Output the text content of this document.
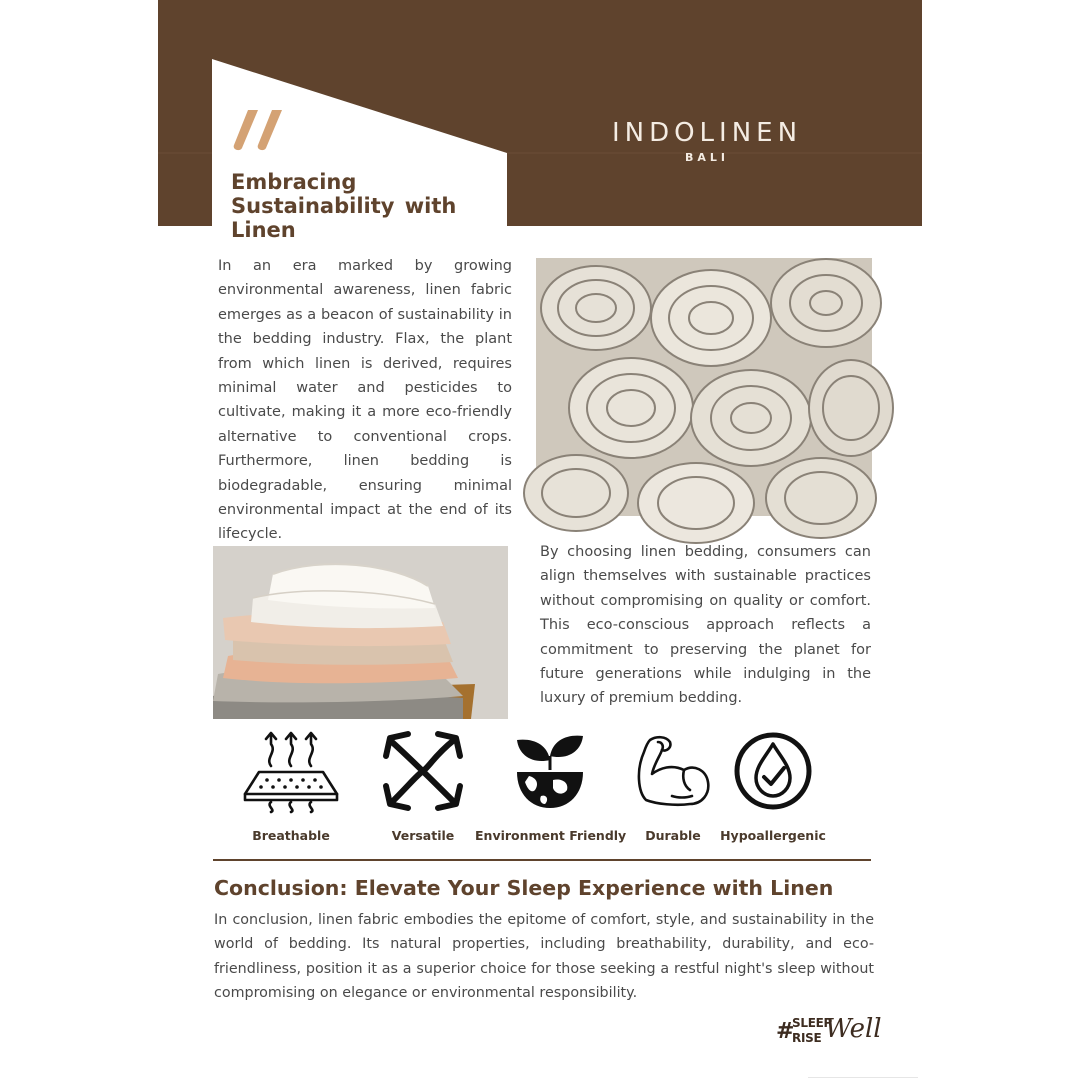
Embracing Sustainability with Linen
INDOLINEN
BALI

In an era marked by growing environmental awareness, linen fabric emerges as a beacon of sustainability in the bedding industry. Flax, the plant from which linen is derived, requires minimal water and pesticides to cultivate, making it a more eco-friendly alternative to conventional crops. Furthermore, linen bedding is biodegradable, ensuring minimal environmental impact at the end of its lifecycle.

By choosing linen bedding, consumers can align themselves with sustainable practices without compromising on quality or comfort. This eco-conscious approach reflects a commitment to preserving the planet for future generations while indulging in the luxury of premium bedding.

Breathable	Versatile	Environment Friendly	Durable	Hypoallergenic
Conclusion: Elevate Your Sleep Experience with Linen

In conclusion, linen fabric embodies the epitome of comfort, style, and sustainability in the world of bedding. Its natural properties, including breathability, durability, and eco-friendliness, position it as a superior choice for those seeking a restful night's sleep without compromising on elegance or environmental responsibility.

#
SLEEP
RISE Well
